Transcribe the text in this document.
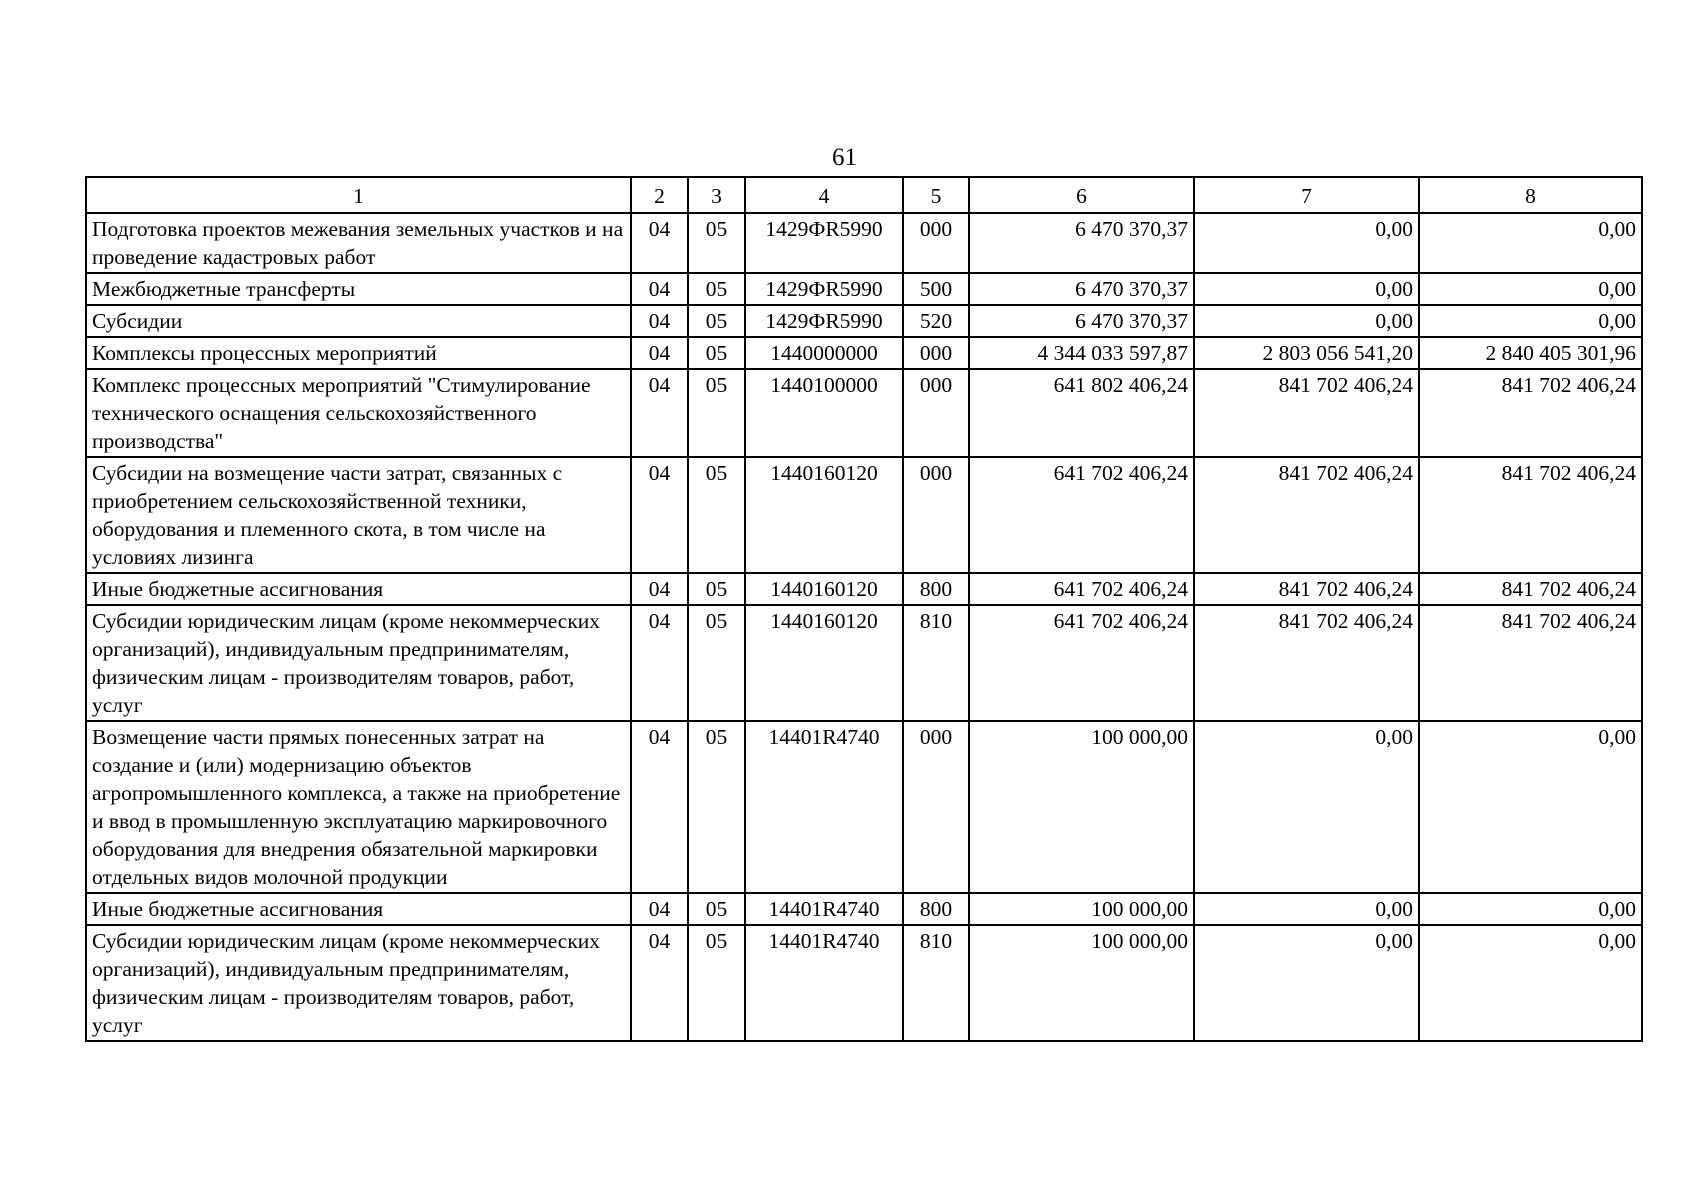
61
1	2	3	4	5	6	7	8
Подготовка проектов межевания земельных участков и на проведение кадастровых работ	04	05	1429ФR5990	000	6 470 370,37	0,00	0,00
Межбюджетные трансферты	04	05	1429ФR5990	500	6 470 370,37	0,00	0,00
Субсидии	04	05	1429ФR5990	520	6 470 370,37	0,00	0,00
Комплексы процессных мероприятий	04	05	1440000000	000	4 344 033 597,87	2 803 056 541,20	2 840 405 301,96
Комплекс процессных мероприятий "Стимулирование технического оснащения сельскохозяйственного производства"	04	05	1440100000	000	641 802 406,24	841 702 406,24	841 702 406,24
Субсидии на возмещение части затрат, связанных с приобретением сельскохозяйственной техники, оборудования и племенного скота, в том числе на условиях лизинга	04	05	1440160120	000	641 702 406,24	841 702 406,24	841 702 406,24
Иные бюджетные ассигнования	04	05	1440160120	800	641 702 406,24	841 702 406,24	841 702 406,24
Субсидии юридическим лицам (кроме некоммерческих организаций), индивидуальным предпринимателям, физическим лицам - производителям товаров, работ, услуг	04	05	1440160120	810	641 702 406,24	841 702 406,24	841 702 406,24
Возмещение части прямых понесенных затрат на создание и (или) модернизацию объектов агропромышленного комплекса, а также на приобретение и ввод в промышленную эксплуатацию маркировочного оборудования для внедрения обязательной маркировки отдельных видов молочной продукции	04	05	14401R4740	000	100 000,00	0,00	0,00
Иные бюджетные ассигнования	04	05	14401R4740	800	100 000,00	0,00	0,00
Субсидии юридическим лицам (кроме некоммерческих организаций), индивидуальным предпринимателям, физическим лицам - производителям товаров, работ, услуг	04	05	14401R4740	810	100 000,00	0,00	0,00
